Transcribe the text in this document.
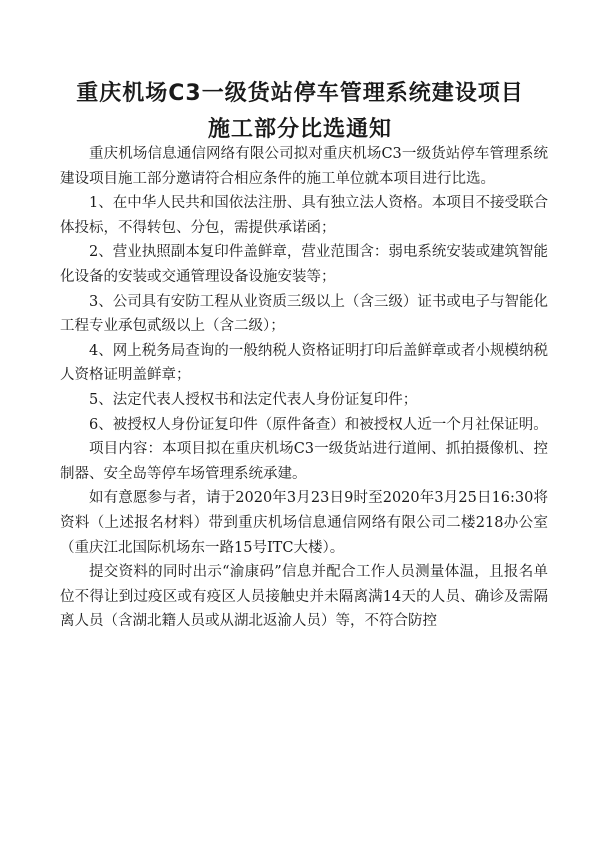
重庆机场C3一级货站停车管理系统建设项目
施工部分比选通知

重庆机场信息通信网络有限公司拟对重庆机场C3一级货站停车管理系统建设项目施工部分邀请符合相应条件的施工单位就本项目进行比选。

1、在中华人民共和国依法注册、具有独立法人资格。本项目不接受联合体投标，不得转包、分包，需提供承诺函；

2、营业执照副本复印件盖鲜章，营业范围含：弱电系统安装或建筑智能化设备的安装或交通管理设备设施安装等；

3、公司具有安防工程从业资质三级以上（含三级）证书或电子与智能化工程专业承包贰级以上（含二级）；

4、网上税务局查询的一般纳税人资格证明打印后盖鲜章或者小规模纳税人资格证明盖鲜章；

5、法定代表人授权书和法定代表人身份证复印件；

6、被授权人身份证复印件（原件备查）和被授权人近一个月社保证明。

项目内容：本项目拟在重庆机场C3一级货站进行道闸、抓拍摄像机、控制器、安全岛等停车场管理系统承建。

如有意愿参与者，请于2020年3月23日9时至2020年3月25日16:30将资料（上述报名材料）带到重庆机场信息通信网络有限公司二楼218办公室（重庆江北国际机场东一路15号ITC大楼）。

提交资料的同时出示“渝康码”信息并配合工作人员测量体温，且报名单位不得让到过疫区或有疫区人员接触史并未隔离满14天的人员、确诊及需隔离人员（含湖北籍人员或从湖北返渝人员）等，不符合防控
